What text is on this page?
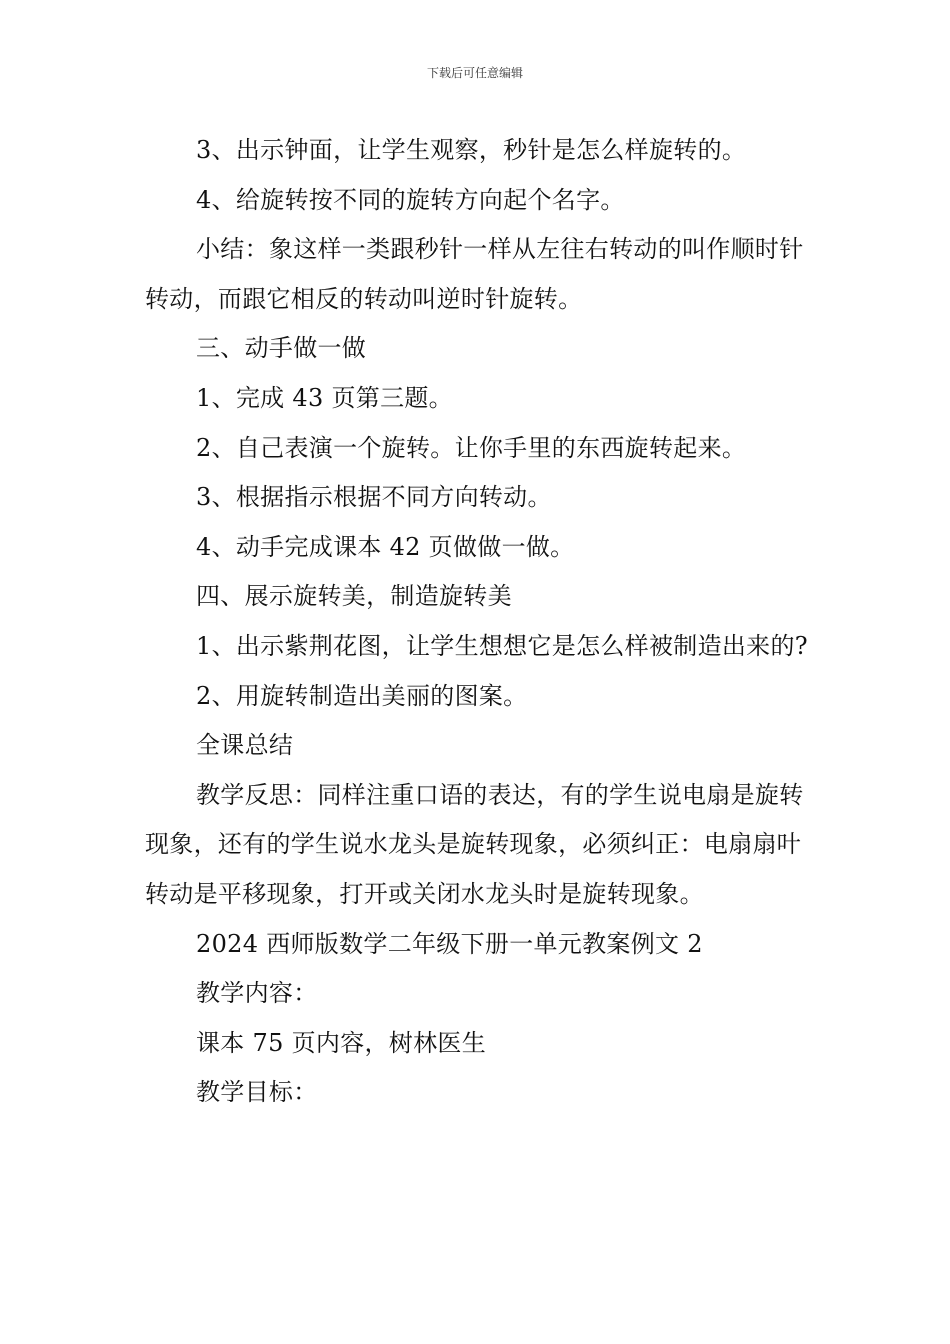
下载后可任意编辑

3、出示钟面，让学生观察，秒针是怎么样旋转的。

4、给旋转按不同的旋转方向起个名字。

小结：象这样一类跟秒针一样从左往右转动的叫作顺时针转动，而跟它相反的转动叫逆时针旋转。

三、动手做一做

1、完成 43 页第三题。

2、自己表演一个旋转。让你手里的东西旋转起来。

3、根据指示根据不同方向转动。

4、动手完成课本 42 页做做一做。

四、展示旋转美，制造旋转美

1、出示紫荆花图，让学生想想它是怎么样被制造出来的?

2、用旋转制造出美丽的图案。

全课总结

教学反思：同样注重口语的表达，有的学生说电扇是旋转现象，还有的学生说水龙头是旋转现象，必须纠正：电扇扇叶转动是平移现象，打开或关闭水龙头时是旋转现象。

2024 西师版数学二年级下册一单元教案例文 2

教学内容：

课本 75 页内容，树林医生

教学目标：
